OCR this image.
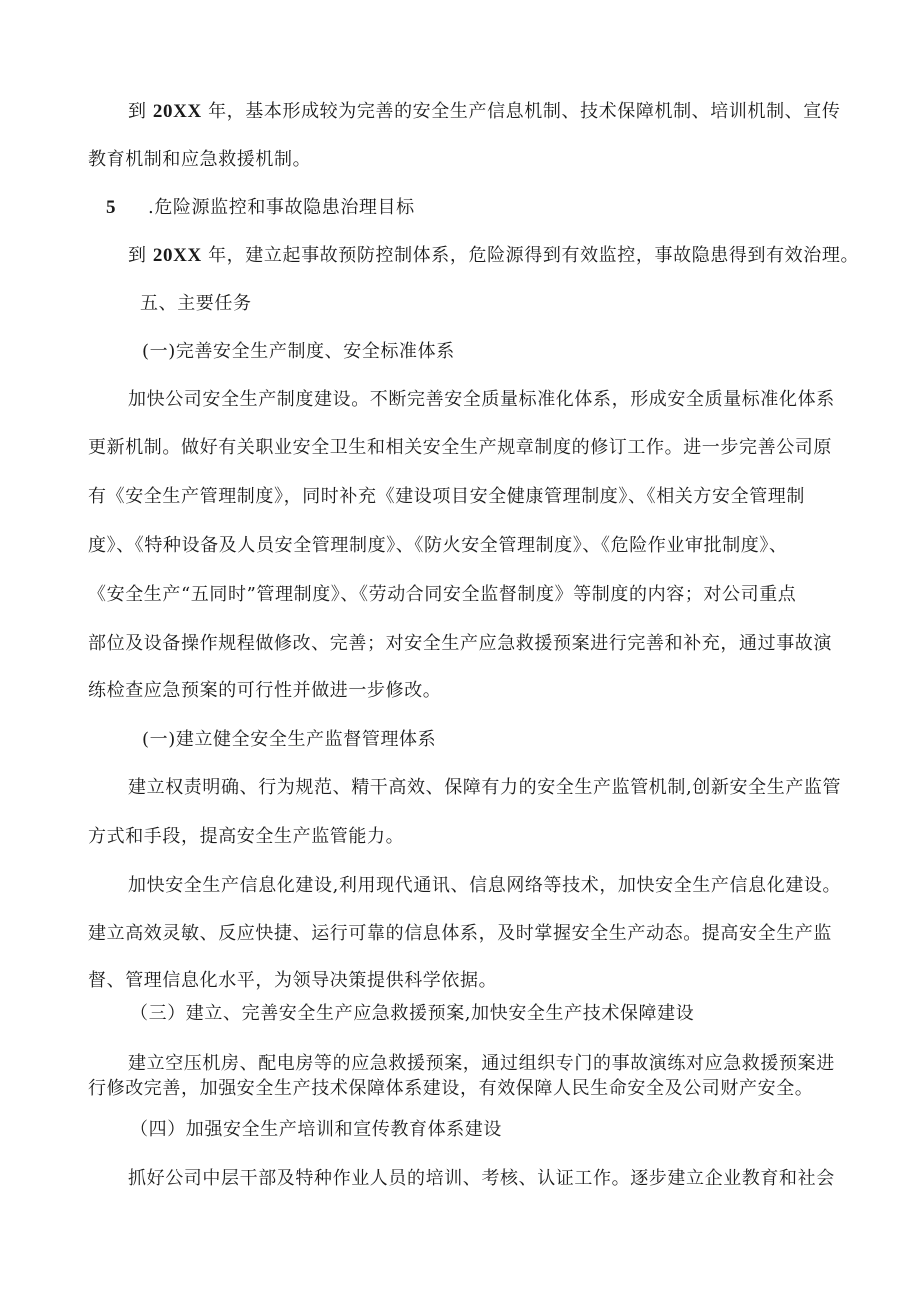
到 20XX 年，基本形成较为完善的安全生产信息机制、技术保障机制、培训机制、宣传
教育机制和应急救援机制。
5 .危险源监控和事故隐患治理目标
到 20XX 年，建立起事故预防控制体系，危险源得到有效监控，事故隐患得到有效治理。
五、主要任务
(一)完善安全生产制度、安全标准体系
加快公司安全生产制度建设。不断完善安全质量标准化体系，形成安全质量标准化体系
更新机制。做好有关职业安全卫生和相关安全生产规章制度的修订工作。进一步完善公司原
有《安全生产管理制度》，同时补充《建设项目安全健康管理制度》、《相关方安全管理制
度》、《特种设备及人员安全管理制度》、《防火安全管理制度》、《危险作业审批制度》、
《安全生产“五同时”管理制度》、《劳动合同安全监督制度》等制度的内容；对公司重点
部位及设备操作规程做修改、完善；对安全生产应急救援预案进行完善和补充，通过事故演
练检查应急预案的可行性并做进一步修改。
(一)建立健全安全生产监督管理体系
建立权责明确、行为规范、精干高效、保障有力的安全生产监管机制,创新安全生产监管
方式和手段，提高安全生产监管能力。
加快安全生产信息化建设,利用现代通讯、信息网络等技术，加快安全生产信息化建设。
建立高效灵敏、反应快捷、运行可靠的信息体系，及时掌握安全生产动态。提高安全生产监
督、管理信息化水平，为领导决策提供科学依据。
（三）建立、完善安全生产应急救援预案,加快安全生产技术保障建设
建立空压机房、配电房等的应急救援预案，通过组织专门的事故演练对应急救援预案进
行修改完善，加强安全生产技术保障体系建设，有效保障人民生命安全及公司财产安全。
（四）加强安全生产培训和宣传教育体系建设
抓好公司中层干部及特种作业人员的培训、考核、认证工作。逐步建立企业教育和社会
